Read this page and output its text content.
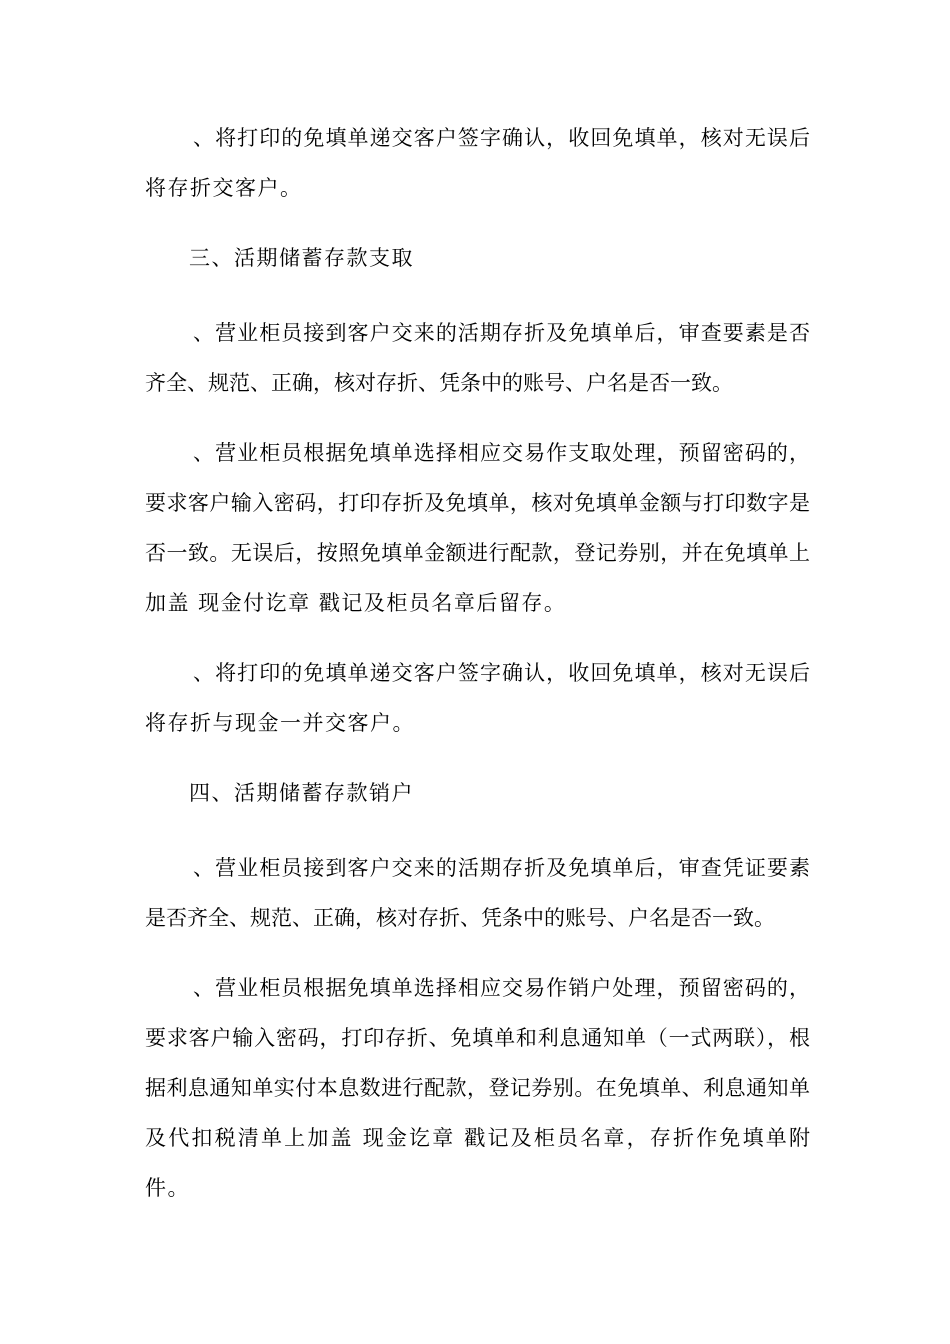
、将打印的免填单递交客户签字确认，收回免填单，核对无误后
将存折交客户。
三、活期储蓄存款支取
、营业柜员接到客户交来的活期存折及免填单后，审查要素是否
齐全、规范、正确，核对存折、凭条中的账号、户名是否一致。
、营业柜员根据免填单选择相应交易作支取处理，预留密码的，
要求客户输入密码，打印存折及免填单，核对免填单金额与打印数字是
否一致。无误后，按照免填单金额进行配款，登记券别，并在免填单上
加盖 现金付讫章 戳记及柜员名章后留存。
、将打印的免填单递交客户签字确认，收回免填单，核对无误后
将存折与现金一并交客户。
四、活期储蓄存款销户
、营业柜员接到客户交来的活期存折及免填单后，审查凭证要素
是否齐全、规范、正确，核对存折、凭条中的账号、户名是否一致。
、营业柜员根据免填单选择相应交易作销户处理，预留密码的，
要求客户输入密码，打印存折、免填单和利息通知单（一式两联），根
据利息通知单实付本息数进行配款，登记券别。在免填单、利息通知单
及代扣税清单上加盖 现金讫章 戳记及柜员名章，存折作免填单附
件。
